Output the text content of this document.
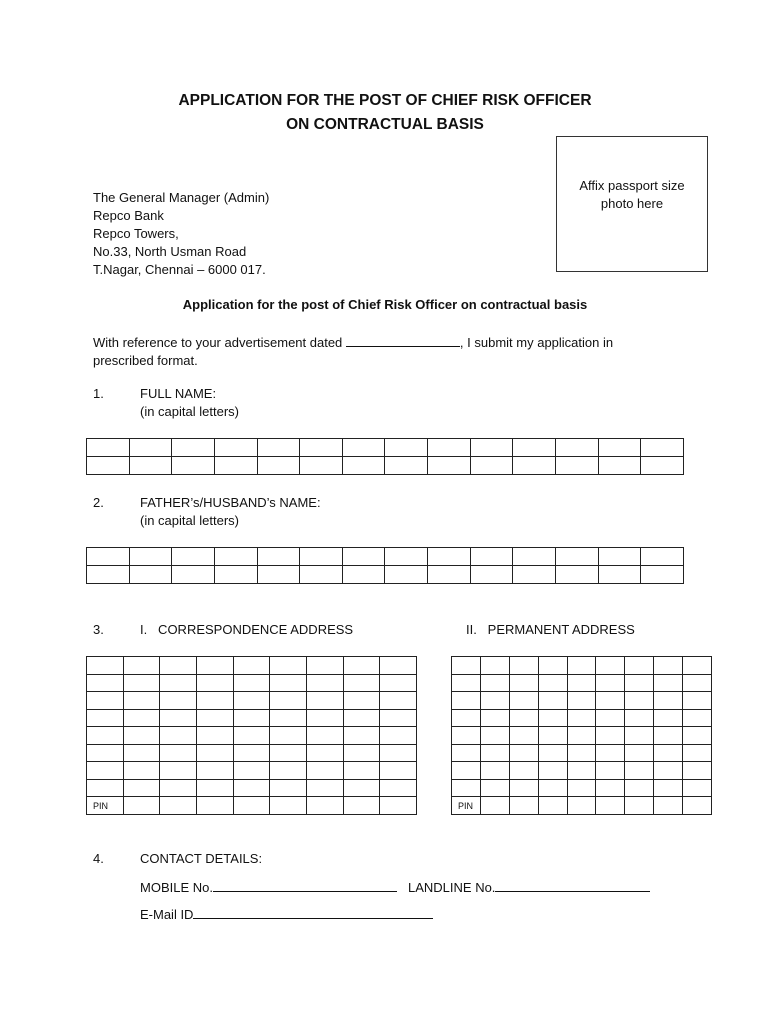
APPLICATION FOR THE POST OF CHIEF RISK OFFICER
ON CONTRACTUAL BASIS
Affix passport size
photo here
The General Manager (Admin)
Repco Bank
Repco Towers,
No.33, North Usman Road
T.Nagar, Chennai – 6000 017.
Application for the post of Chief Risk Officer on contractual basis
With reference to your advertisement dated	, I submit my application in
prescribed format.
1.	FULL NAME:
(in capital letters)

2.	FATHER’s/HUSBAND’s NAME:
(in capital letters)

3.	I.   CORRESPONDENCE ADDRESS	II.   PERMANENT ADDRESS

PIN								

									PIN								
4.	CONTACT DETAILS:
MOBILE No.	LANDLINE No.
E-Mail ID
